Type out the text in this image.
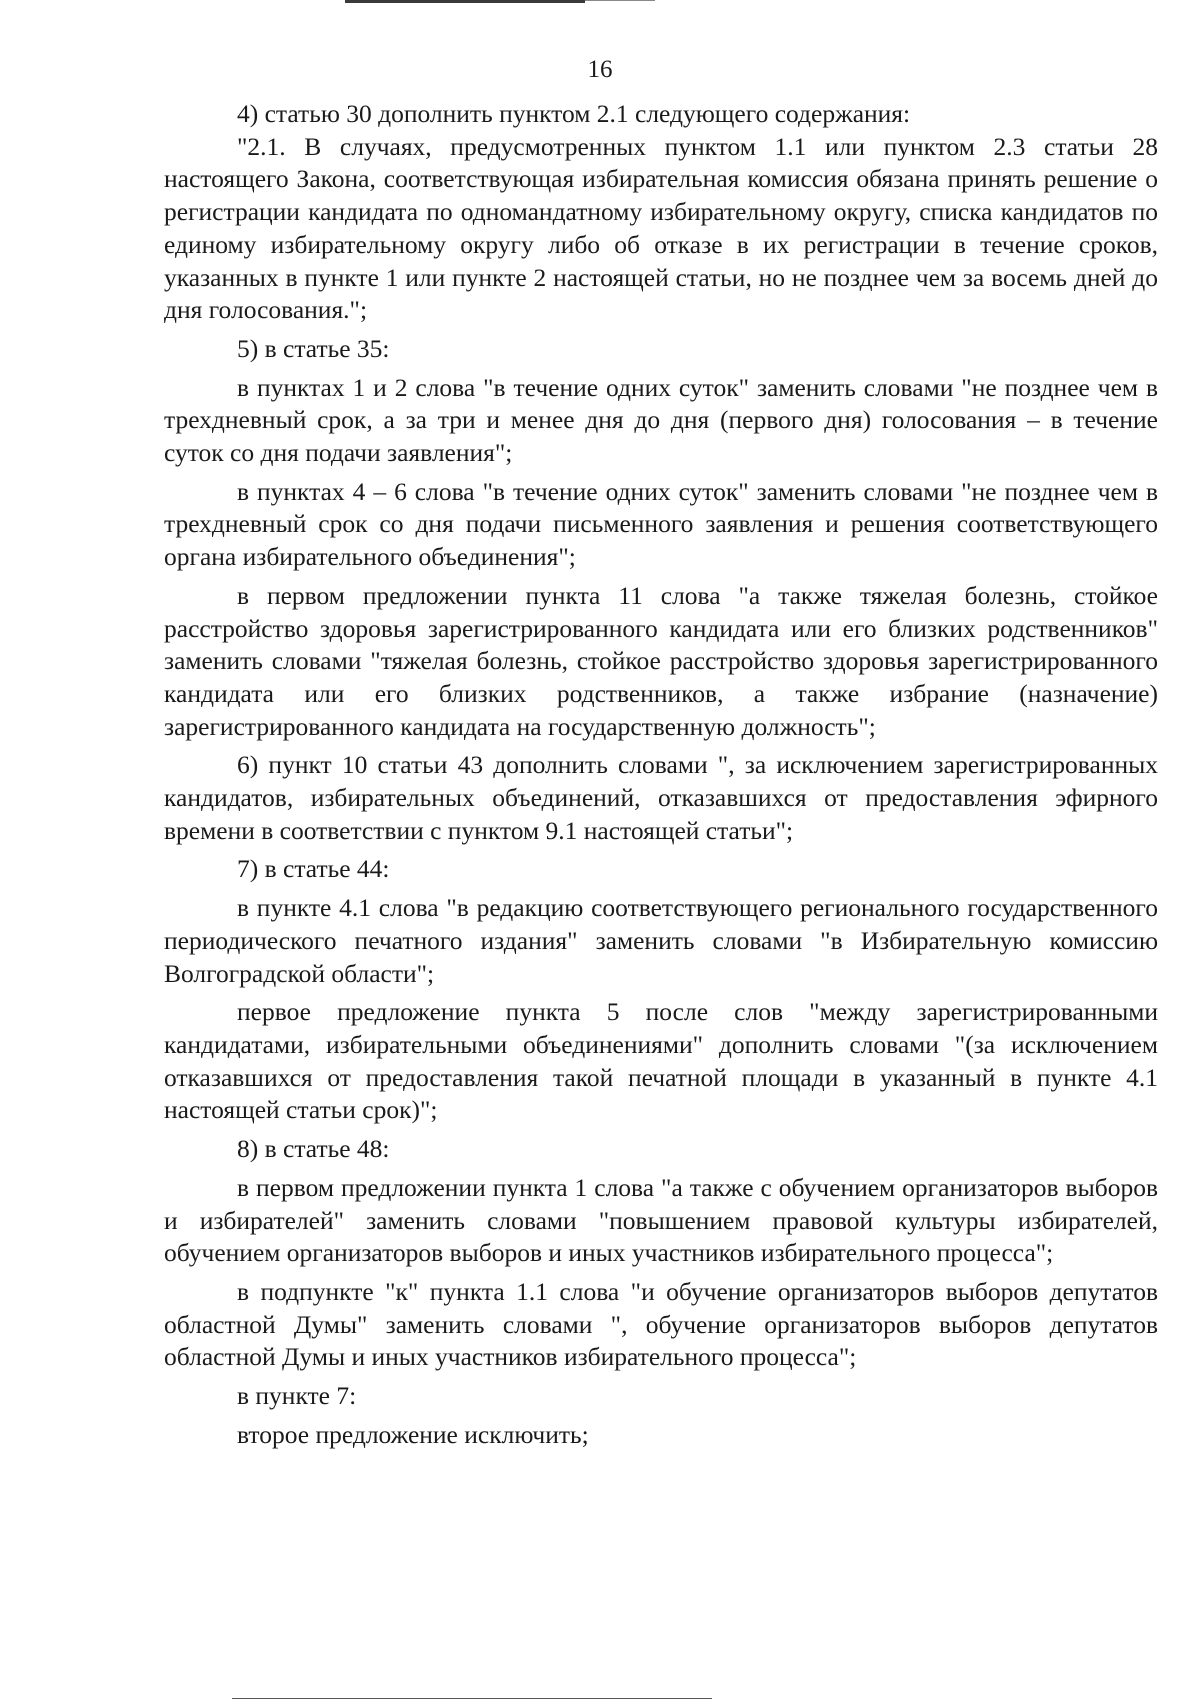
16

4) статью 30 дополнить пунктом 2.1 следующего содержания:

"2.1. В случаях, предусмотренных пунктом 1.1 или пунктом 2.3 статьи 28 настоящего Закона, соответствующая избирательная комиссия обязана принять решение о регистрации кандидата по одномандатному избирательному округу, списка кандидатов по единому избирательному округу либо об отказе в их регистрации в течение сроков, указанных в пункте 1 или пункте 2 настоящей статьи, но не позднее чем за восемь дней до дня голосования.";

5) в статье 35:

в пунктах 1 и 2 слова "в течение одних суток" заменить словами "не позднее чем в трехдневный срок, а за три и менее дня до дня (первого дня) голосования – в течение суток со дня подачи заявления";

в пунктах 4 – 6 слова "в течение одних суток" заменить словами "не позднее чем в трехдневный срок со дня подачи письменного заявления и решения соответствующего органа избирательного объединения";

в первом предложении пункта 11 слова "а также тяжелая болезнь, стойкое расстройство здоровья зарегистрированного кандидата или его близких родственников" заменить словами "тяжелая болезнь, стойкое расстройство здоровья зарегистрированного кандидата или его близких родственников, а также избрание (назначение) зарегистрированного кандидата на государственную должность";

6) пункт 10 статьи 43 дополнить словами ", за исключением зарегистрированных кандидатов, избирательных объединений, отказавшихся от предоставления эфирного времени в соответствии с пунктом 9.1 настоящей статьи";

7) в статье 44:

в пункте 4.1 слова "в редакцию соответствующего регионального государственного периодического печатного издания" заменить словами "в Избирательную комиссию Волгоградской области";

первое предложение пункта 5 после слов "между зарегистрированными кандидатами, избирательными объединениями" дополнить словами "(за исключением отказавшихся от предоставления такой печатной площади в указанный в пункте 4.1 настоящей статьи срок)";

8) в статье 48:

в первом предложении пункта 1 слова "а также с обучением организаторов выборов и избирателей" заменить словами "повышением правовой культуры избирателей, обучением организаторов выборов и иных участников избирательного процесса";

в подпункте "к" пункта 1.1 слова "и обучение организаторов выборов депутатов областной Думы" заменить словами ", обучение организаторов выборов депутатов областной Думы и иных участников избирательного процесса";

в пункте 7:

второе предложение исключить;
